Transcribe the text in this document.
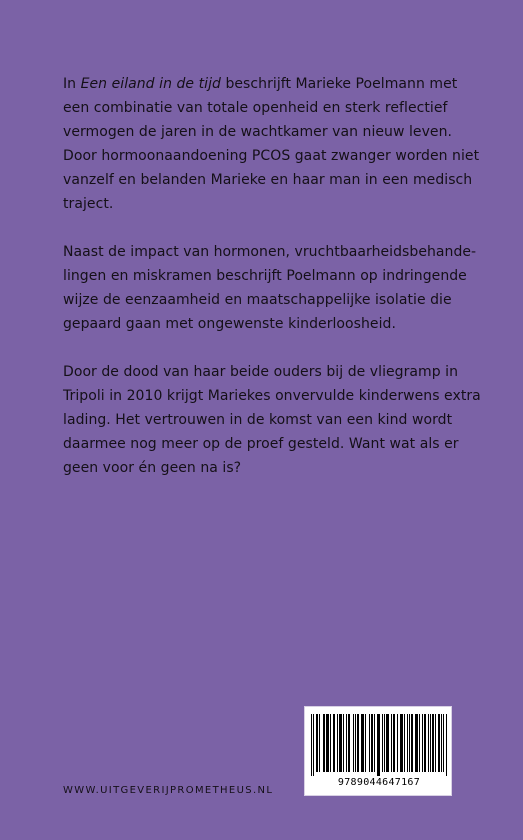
In Een eiland in de tijd beschrijft Marieke Poelmann met
een combinatie van totale openheid en sterk reflectief
vermogen de jaren in de wachtkamer van nieuw leven.
Door hormoonaandoening PCOS gaat zwanger worden niet
vanzelf en belanden Marieke en haar man in een medisch
traject.
Naast de impact van hormonen, vruchtbaarheidsbehande-
lingen en miskramen beschrijft Poelmann op indringende
wijze de eenzaamheid en maatschappelijke isolatie die
gepaard gaan met ongewenste kinderloosheid.
Door de dood van haar beide ouders bij de vliegramp in
Tripoli in 2010 krijgt Mariekes onvervulde kinderwens extra
lading. Het vertrouwen in de komst van een kind wordt
daarmee nog meer op de proef gesteld. Want wat als er
geen voor én geen na is?
WWW.UITGEVERIJPROMETHEUS.NL
9789044647167
